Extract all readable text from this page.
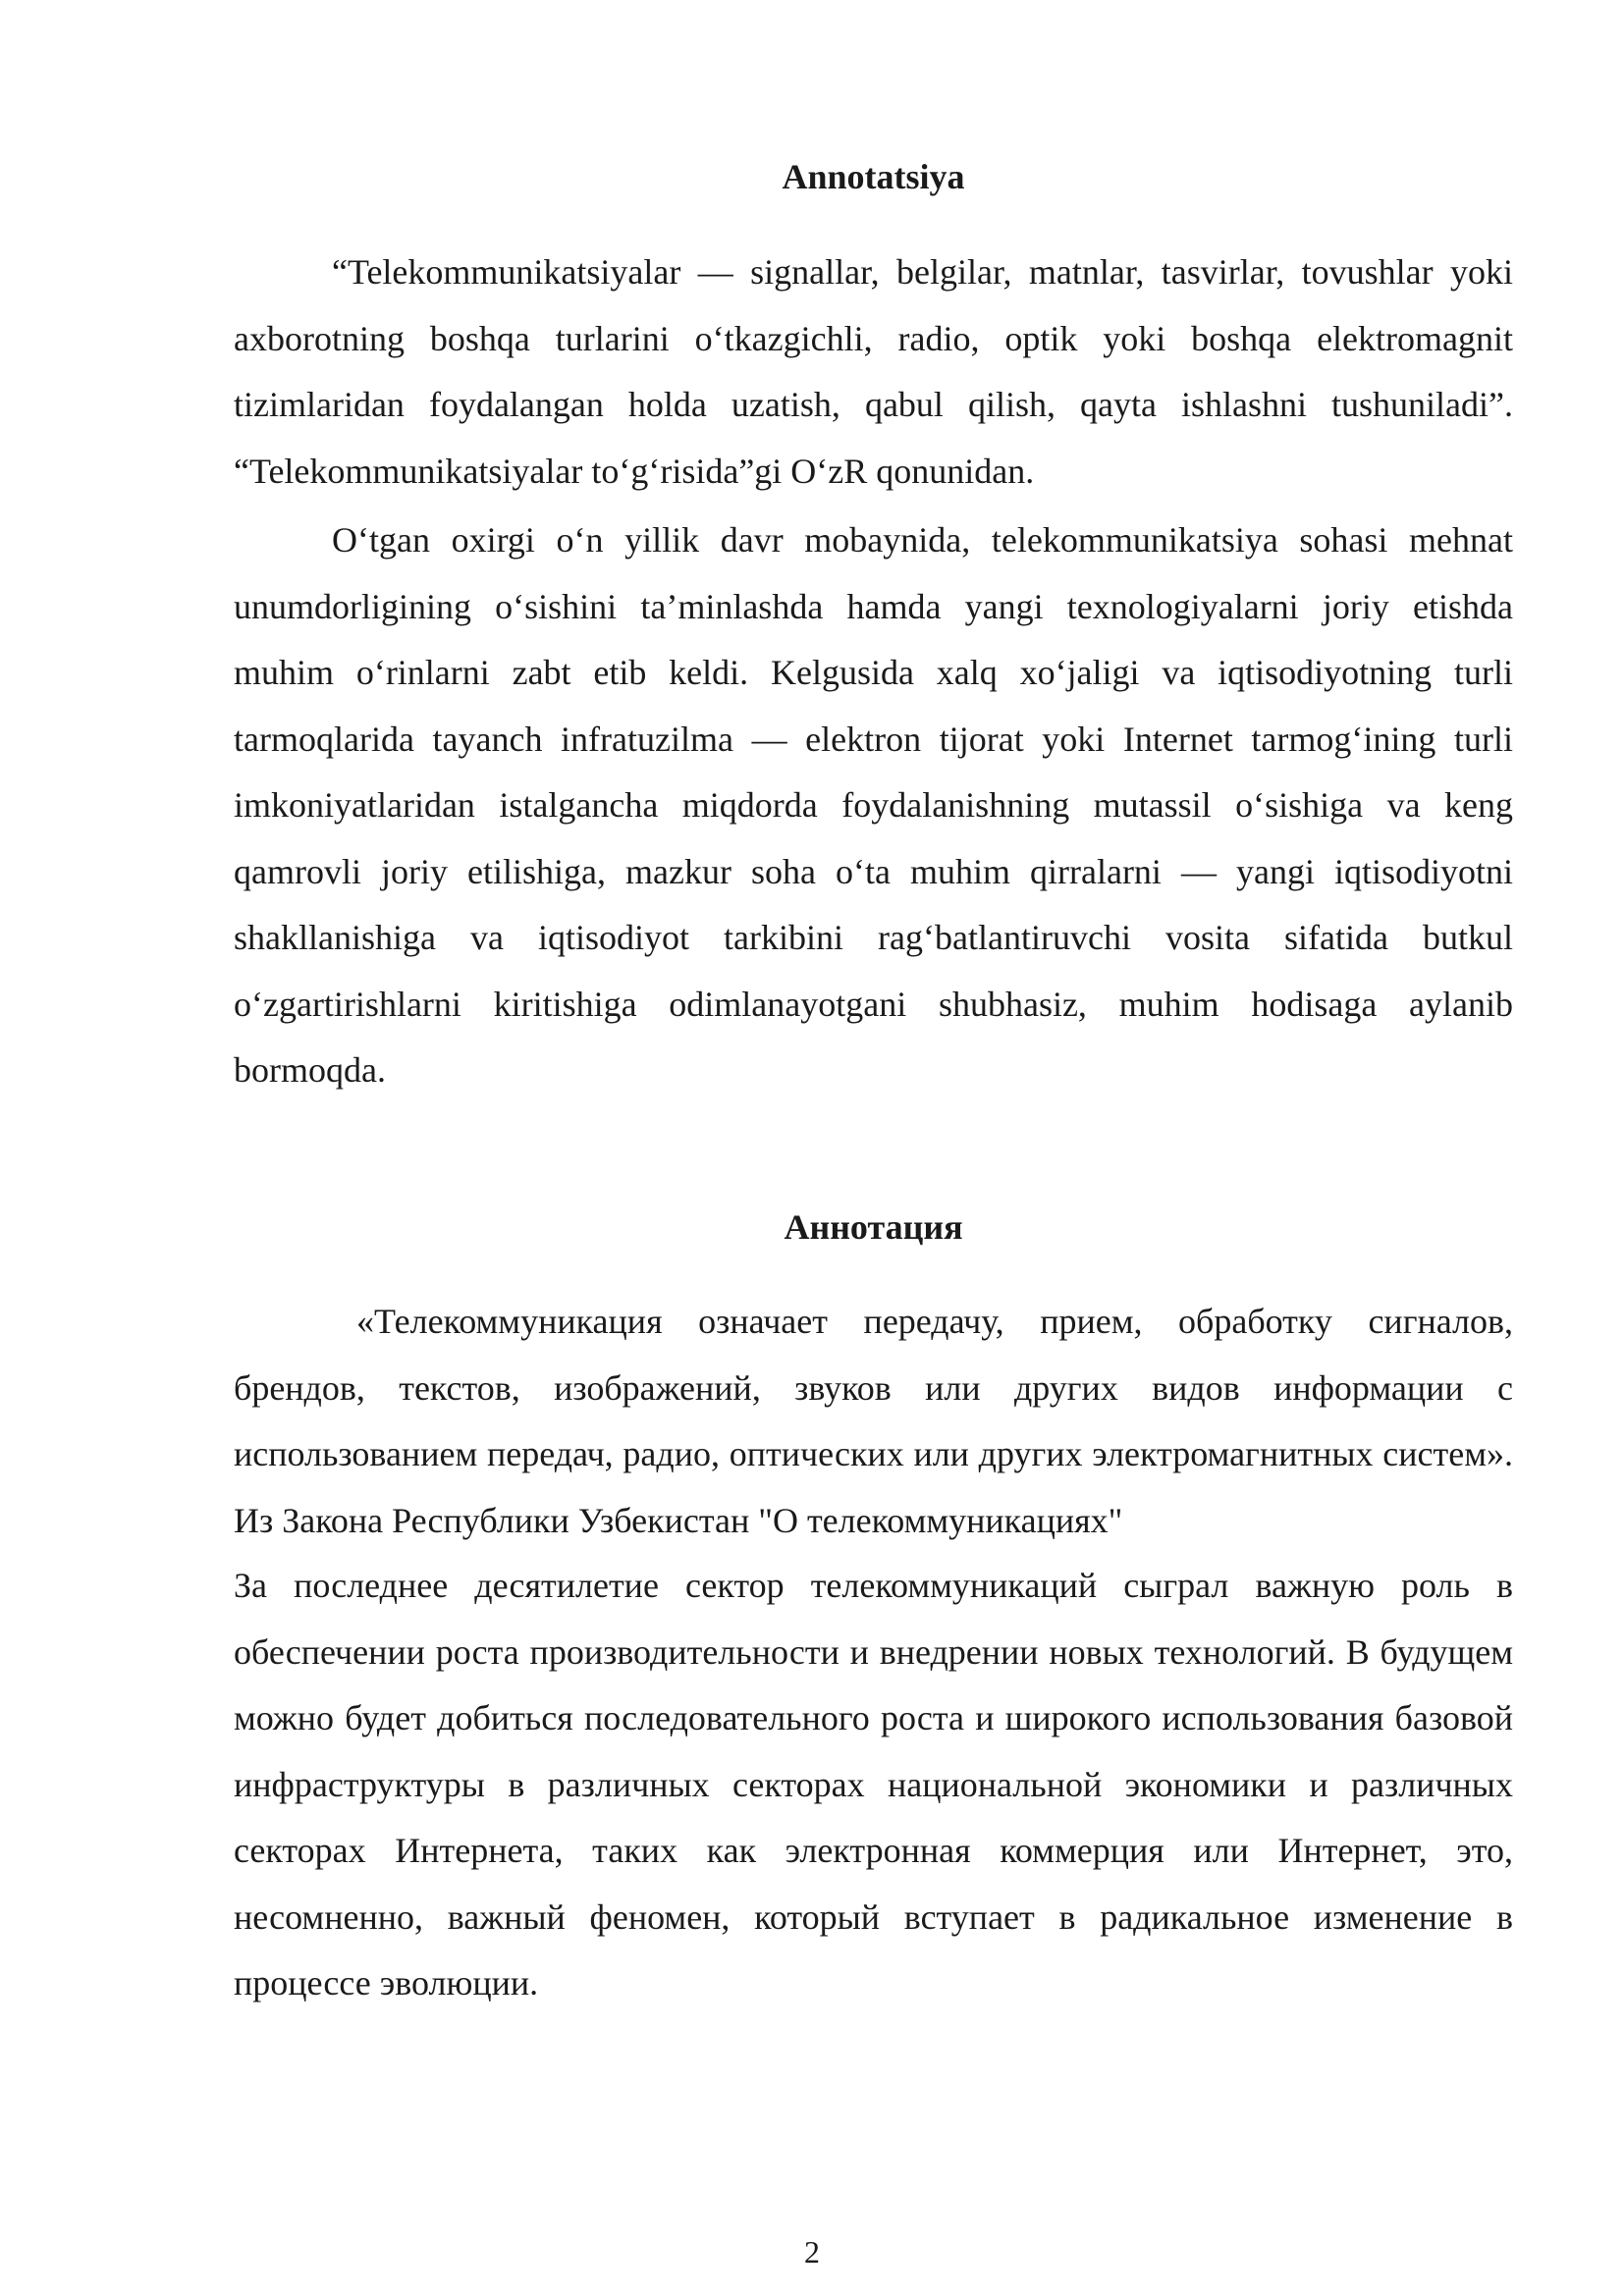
Annotatsiya

“Telekommunikatsiyalar — signallar, belgilar, matnlar, tasvirlar, tovushlar yoki axborotning boshqa turlarini o‘tkazgichli, radio, optik yoki boshqa elektromagnit tizimlaridan foydalangan holda uzatish, qabul qilish, qayta ishlashni tushuniladi”. “Telekommunikatsiyalar to‘g‘risida”gi O‘zR qonunidan.

O‘tgan oxirgi o‘n yillik davr mobaynida, telekommunikatsiya sohasi mehnat unumdorligining o‘sishini ta’minlashda hamda yangi texnologiyalarni joriy etishda muhim o‘rinlarni zabt etib keldi. Kelgusida xalq xo‘jaligi va iqtisodiyotning turli tarmoqlarida tayanch infratuzilma — elektron tijorat yoki Internet tarmog‘ining turli imkoniyatlaridan istalgancha miqdorda foydalanishning mutassil o‘sishiga va keng qamrovli joriy etilishiga, mazkur soha o‘ta muhim qirralarni — yangi iqtisodiyotni shakllanishiga va iqtisodiyot tarkibini rag‘batlantiruvchi vosita sifatida butkul o‘zgartirishlarni kiritishiga odimlanayotgani shubhasiz, muhim hodisaga aylanib bormoqda.

Аннотация

«Телекоммуникация означает передачу, прием, обработку сигналов, брендов, текстов, изображений, звуков или других видов информации с использованием передач, радио, оптических или других электромагнитных систем». Из Закона Республики Узбекистан "О телекоммуникациях"

За последнее десятилетие сектор телекоммуникаций сыграл важную роль в обеспечении роста производительности и внедрении новых технологий. В будущем можно будет добиться последовательного роста и широкого использования базовой инфраструктуры в различных секторах национальной экономики и различных секторах Интернета, таких как электронная коммерция или Интернет, это, несомненно, важный феномен, который вступает в радикальное изменение в процессе эволюции.

2
